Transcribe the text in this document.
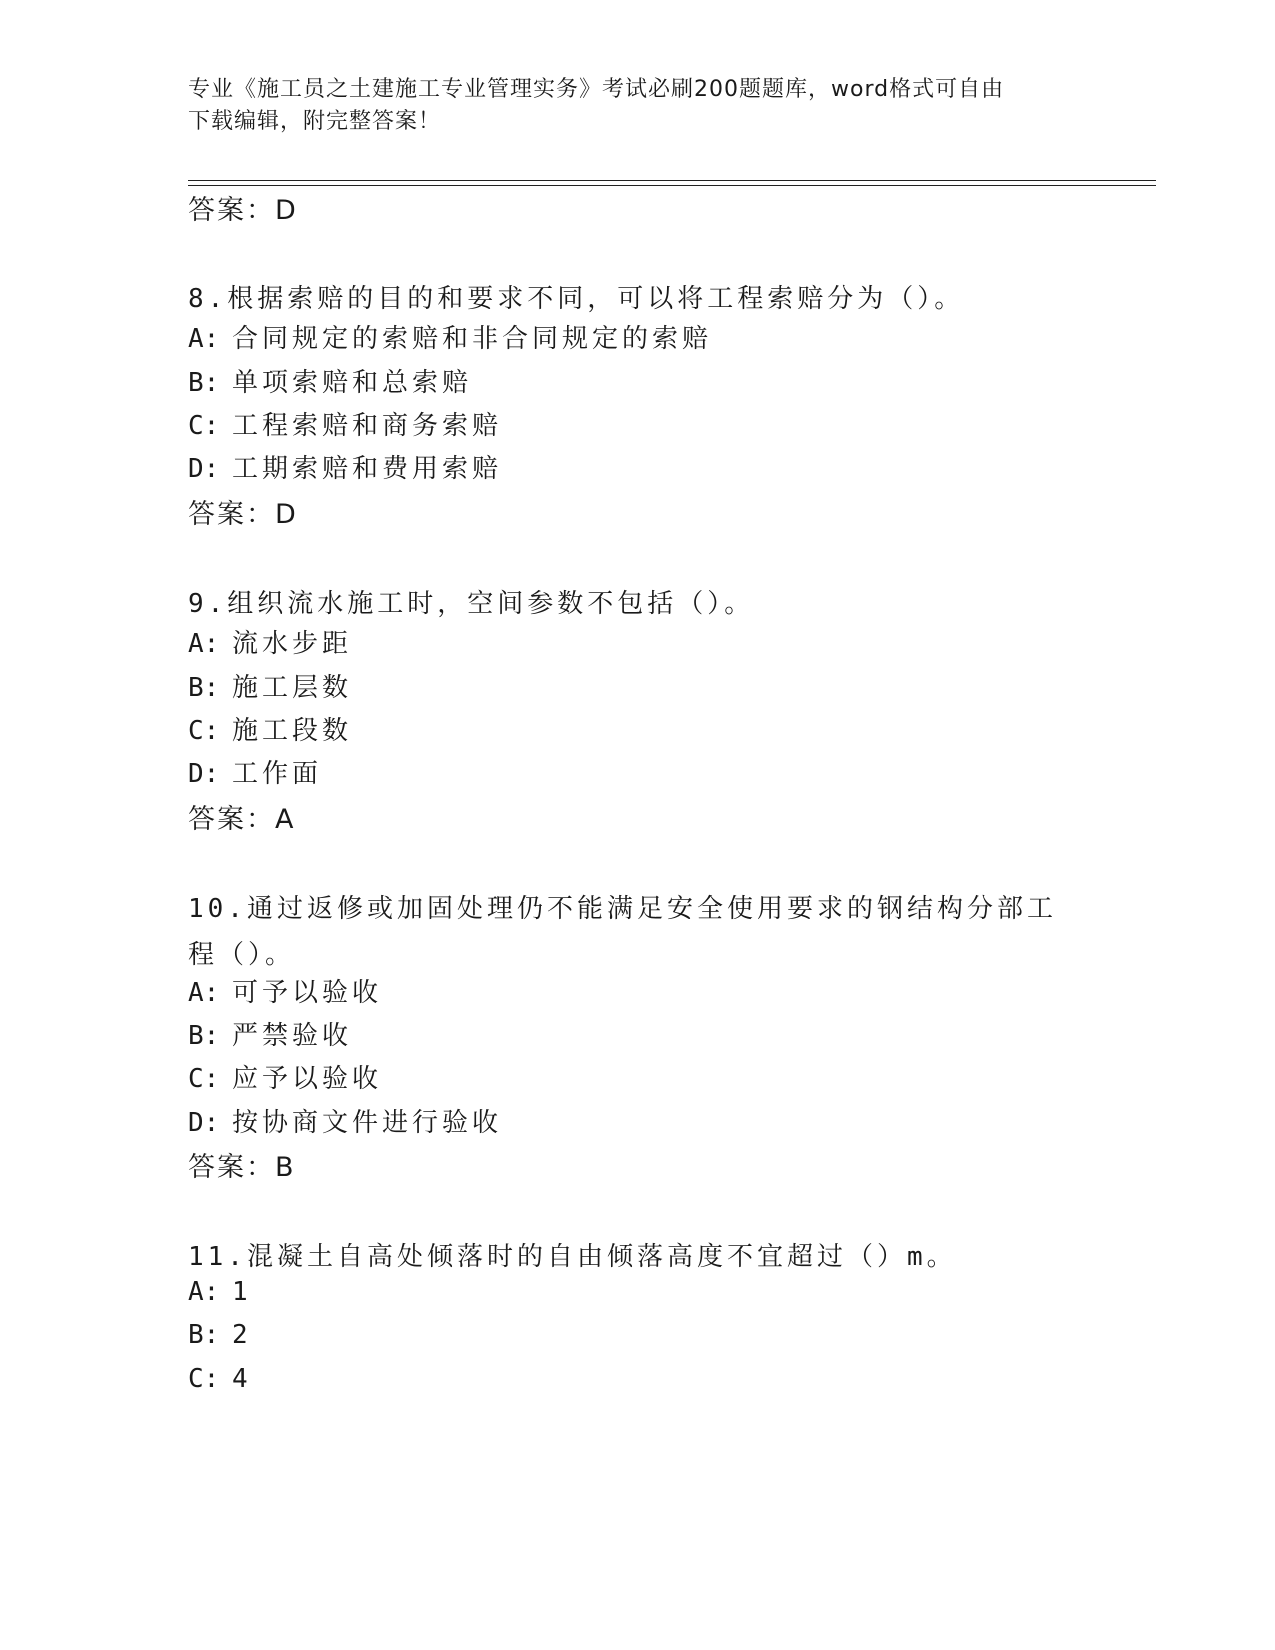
专业《施工员之土建施工专业管理实务》考试必刷200题题库，word格式可自由
下载编辑，附完整答案！
答案：D
8.根据索赔的目的和要求不同，可以将工程索赔分为（）。
A: 合同规定的索赔和非合同规定的索赔
B: 单项索赔和总索赔
C: 工程索赔和商务索赔
D: 工期索赔和费用索赔
答案：D
9.组织流水施工时，空间参数不包括（）。
A: 流水步距
B: 施工层数
C: 施工段数
D: 工作面
答案：A
10.通过返修或加固处理仍不能满足安全使用要求的钢结构分部工程（）。
A: 可予以验收
B: 严禁验收
C: 应予以验收
D: 按协商文件进行验收
答案：B
11.混凝土自高处倾落时的自由倾落高度不宜超过（）m。
A: 1
B: 2
C: 4
